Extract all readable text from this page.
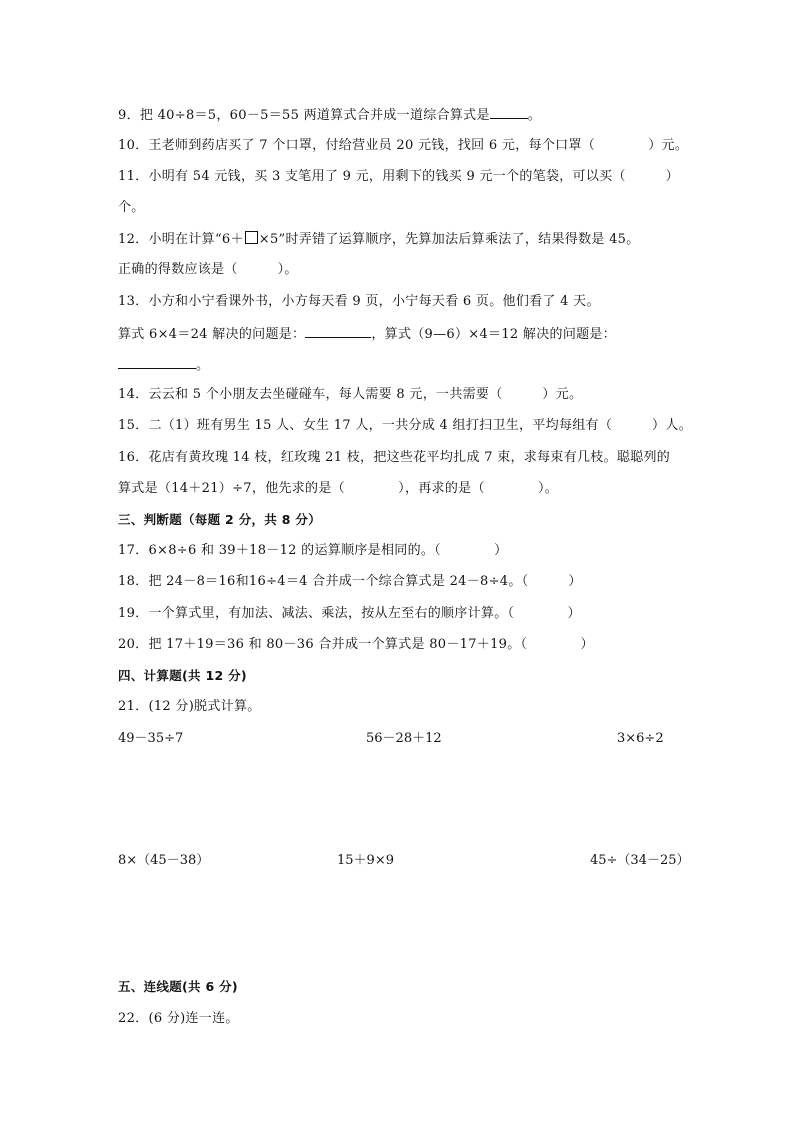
9．把 40÷8＝5，60－5＝55 两道算式合并成一道综合算式是	。
10．王老师到药店买了 7 个口罩，付给营业员 20 元钱，找回 6 元，每个口罩（　　　　）元。
11．小明有 54 元钱，买 3 支笔用了 9 元，用剩下的钱买 9 元一个的笔袋，可以买（　　　）
个。
12．小明在计算“6＋ ×5”时弄错了运算顺序，先算加法后算乘法了，结果得数是 45。
正确的得数应该是（　　　）。
13．小方和小宁看课外书，小方每天看 9 页，小宁每天看 6 页。他们看了 4 天。
算式 6×4＝24 解决的问题是：	，算式（9—6）×4＝12 解决的问题是：
。
14．云云和 5 个小朋友去坐碰碰车，每人需要 8 元，一共需要（　　　）元。
15．二（1）班有男生 15 人、女生 17 人，一共分成 4 组打扫卫生，平均每组有（　　　）人。
16．花店有黄玫瑰 14 枝，红玫瑰 21 枝，把这些花平均扎成 7 束，求每束有几枝。聪聪列的
算式是（14＋21）÷7，他先求的是（　　　　），再求的是（　　　　）。
三、判断题（每题 2 分，共 8 分）
17．6×8÷6 和 39＋18－12 的运算顺序是相同的。（　　　　）
18．把 24－8＝16和16÷4＝4 合并成一个综合算式是 24－8÷4。（　　　）
19．一个算式里，有加法、减法、乘法，按从左至右的顺序计算。（　　　　）
20．把 17＋19＝36 和 80－36 合并成一个算式是 80－17＋19。（　　　　）
四、计算题(共 12 分)
21．(12 分)脱式计算。
49－35÷7	56－28＋12	3×6÷2
8×（45－38）	15＋9×9	45÷（34－25）
五、连线题(共 6 分)
22．(6 分)连一连。
